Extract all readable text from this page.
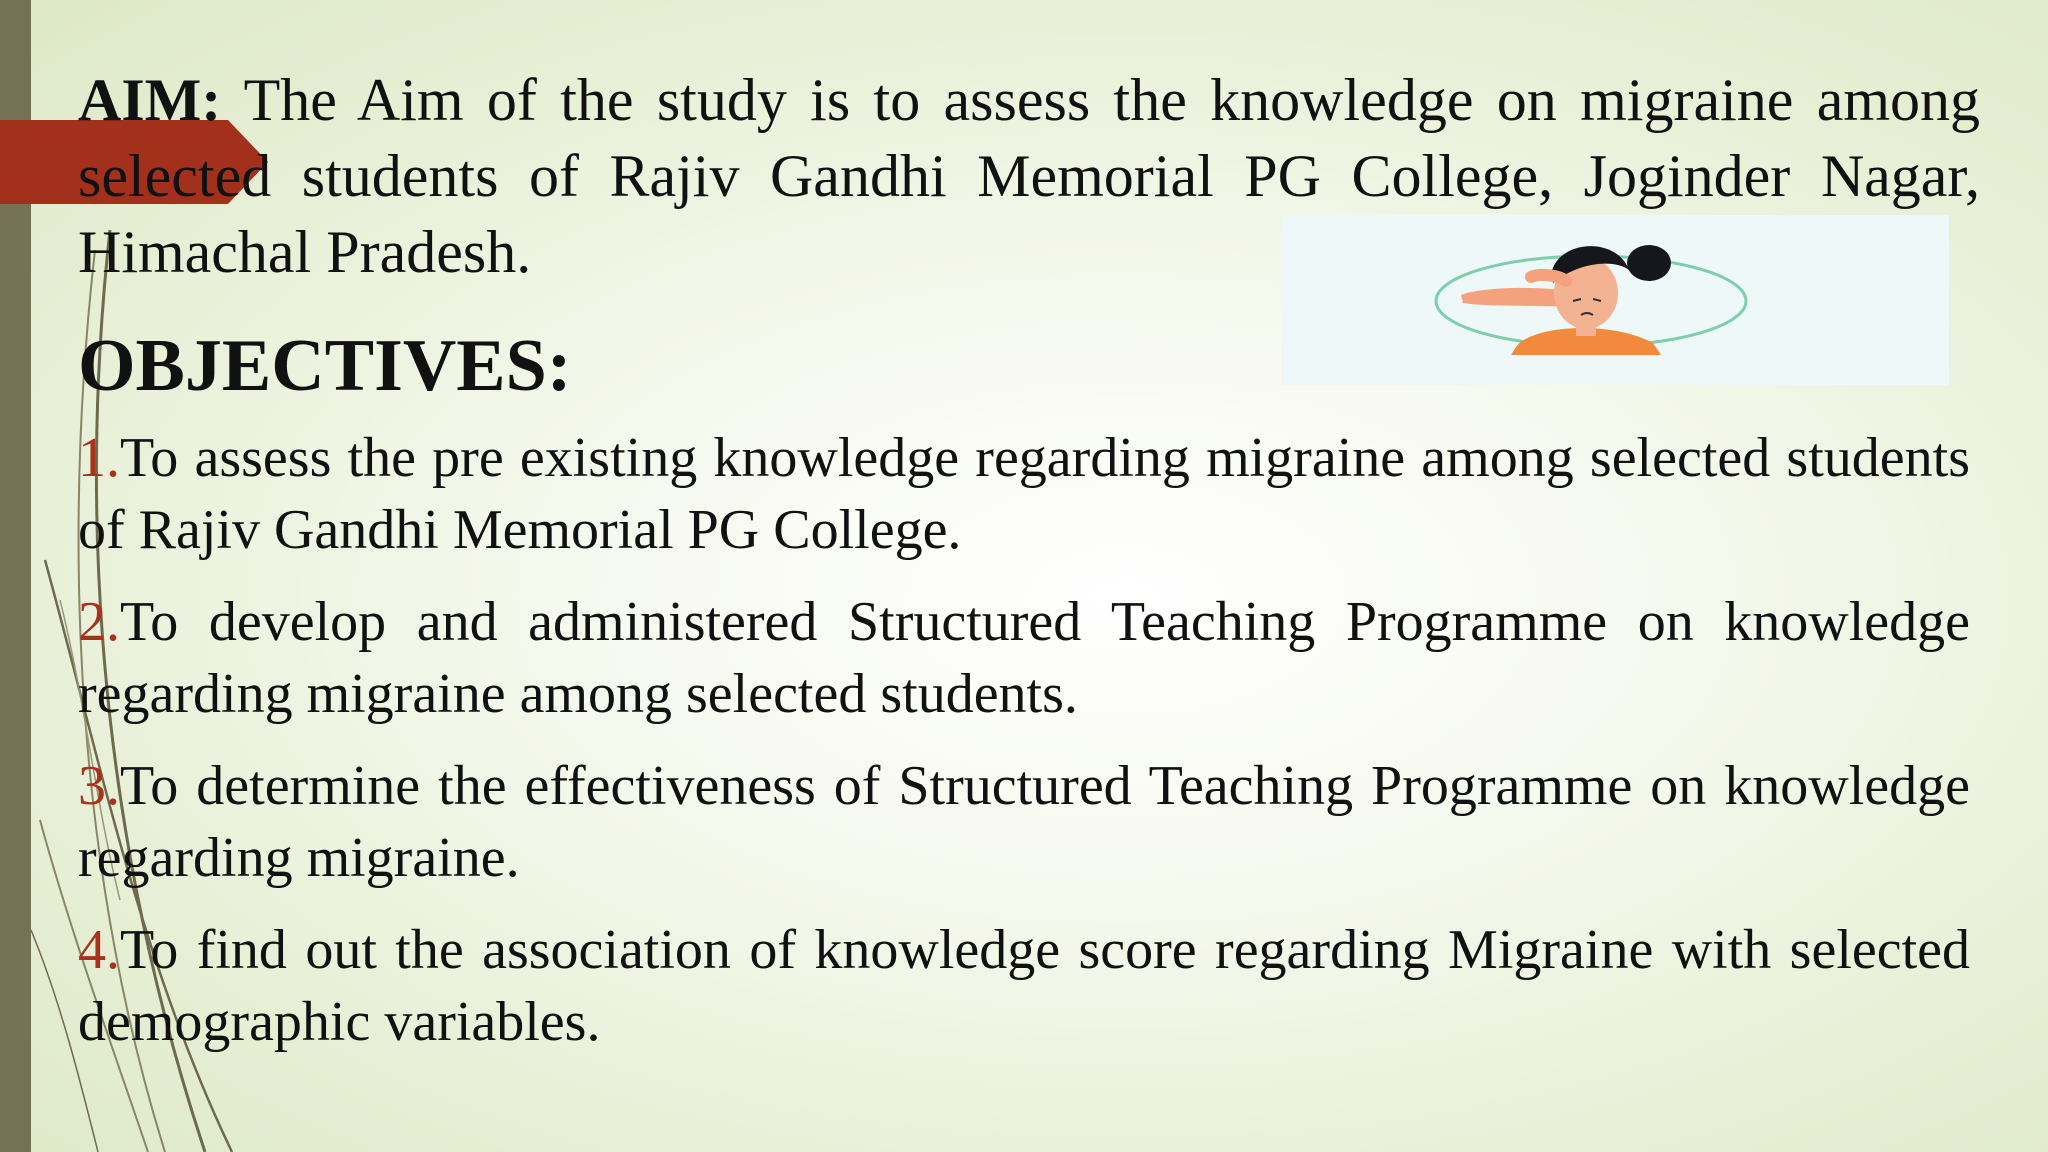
AIM: The Aim of the study is to assess the knowledge on migraine among selected students of Rajiv Gandhi Memorial PG College, Joginder Nagar, Himachal Pradesh.

OBJECTIVES:
1.To assess the pre existing knowledge regarding migraine among selected students of Rajiv Gandhi Memorial PG College.
2.To develop and administered Structured Teaching Programme on knowledge regarding migraine among selected students.
3.To determine the effectiveness of Structured Teaching Programme on knowledge regarding migraine.
4.To find out the association of knowledge score regarding Migraine with selected demographic variables.
